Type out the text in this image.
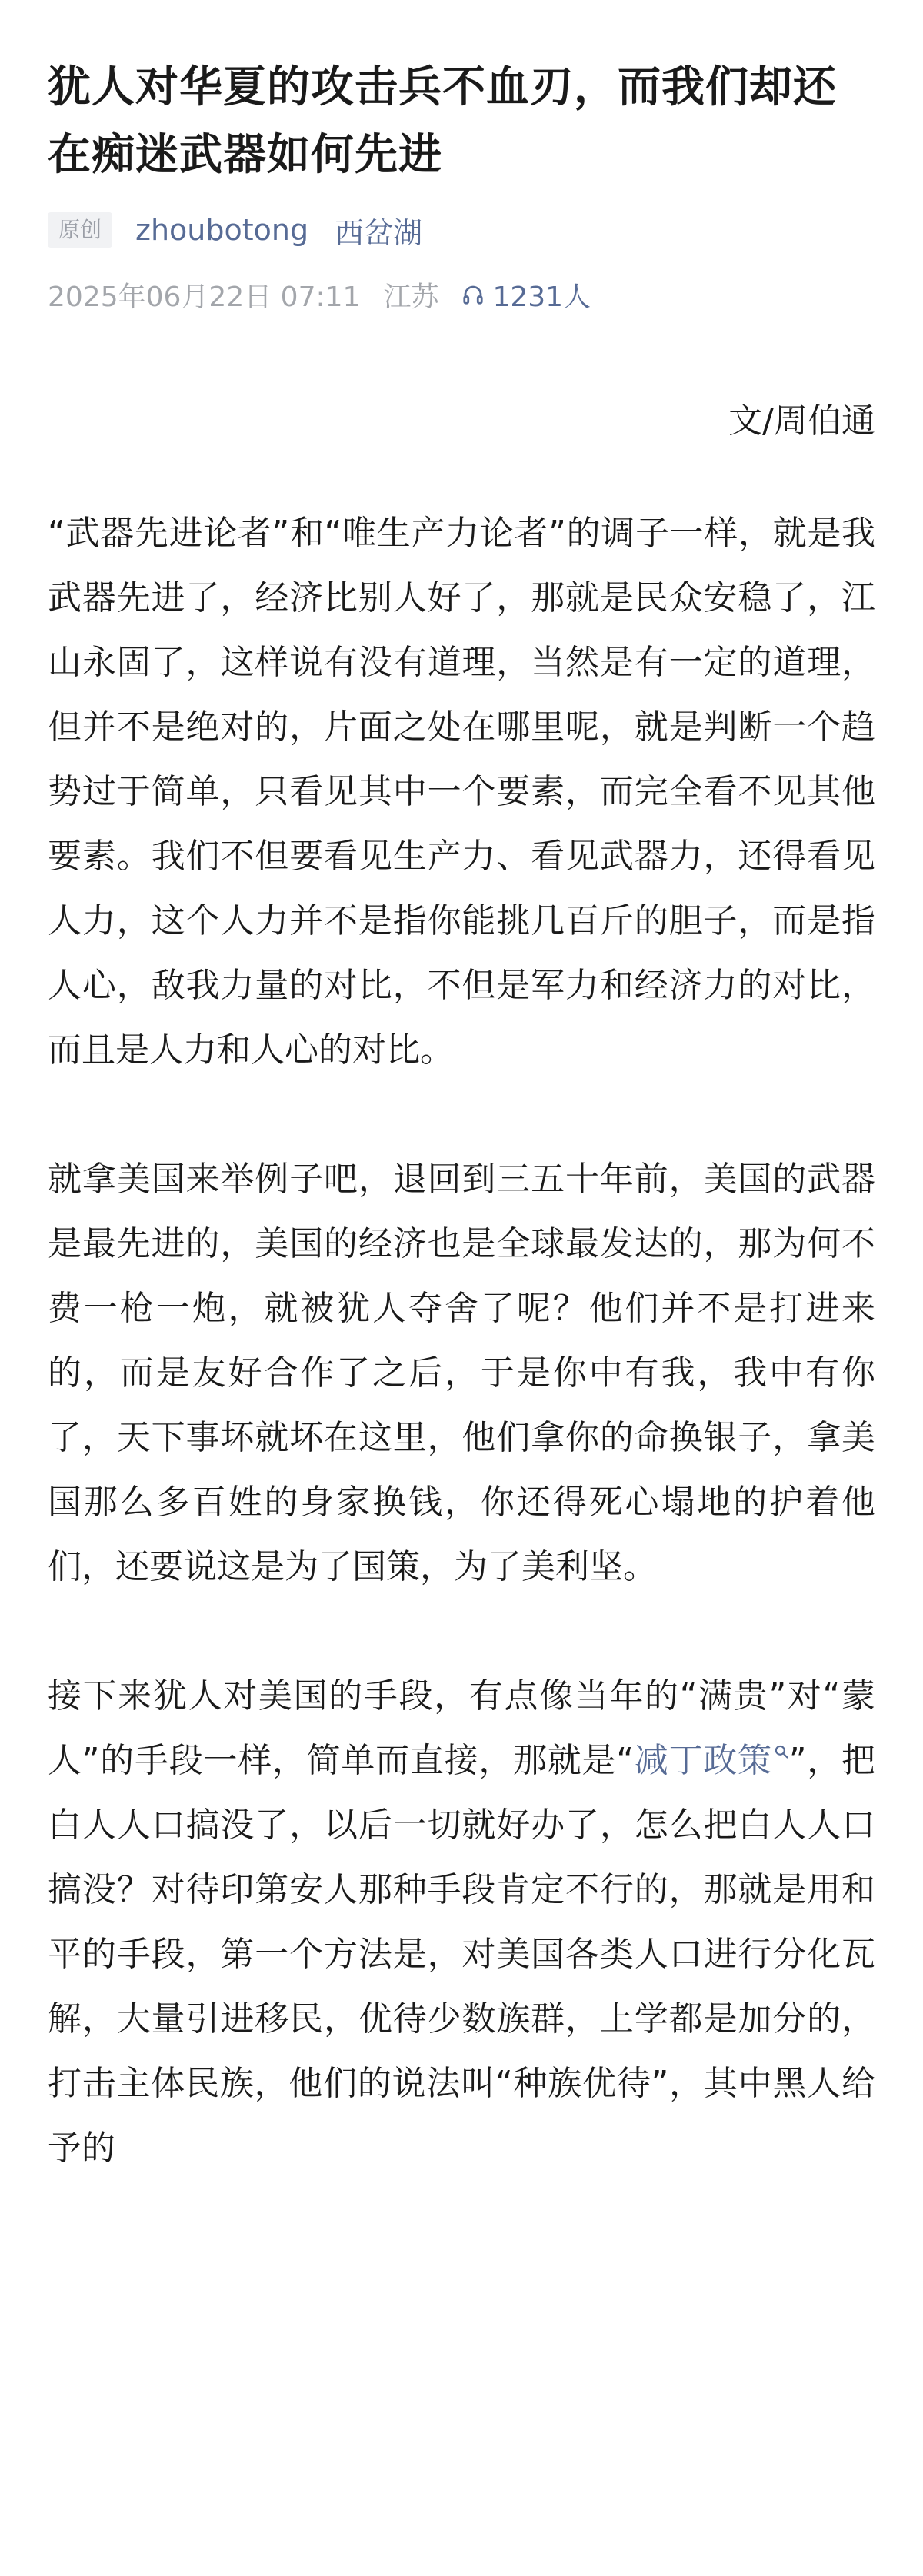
犹人对华夏的攻击兵不血刃，而我们却还在痴迷武器如何先进
原创	zhoubotong 西岔湖
2025年06月22日 07:11 江苏 1231人
文/周伯通

“武器先进论者”和“唯生产力论者”的调子一样，就是我武器先进了，经济比别人好了，那就是民众安稳了，江山永固了，这样说有没有道理，当然是有一定的道理，但并不是绝对的，片面之处在哪里呢，就是判断一个趋势过于简单，只看见其中一个要素，而完全看不见其他要素。我们不但要看见生产力、看见武器力，还得看见人力，这个人力并不是指你能挑几百斤的胆子，而是指人心，敌我力量的对比，不但是军力和经济力的对比，而且是人力和人心的对比。

就拿美国来举例子吧，退回到三五十年前，美国的武器是最先进的，美国的经济也是全球最发达的，那为何不费一枪一炮，就被犹人夺舍了呢？他们并不是打进来的，而是友好合作了之后，于是你中有我，我中有你了，天下事坏就坏在这里，他们拿你的命换银子，拿美国那么多百姓的身家换钱，你还得死心塌地的护着他们，还要说这是为了国策，为了美利坚。

接下来犹人对美国的手段，有点像当年的“满贵”对“蒙人”的手段一样，简单而直接，那就是“减丁政策 ”，把白人人口搞没了，以后一切就好办了，怎么把白人人口搞没？对待印第安人那种手段肯定不行的，那就是用和平的手段，第一个方法是，对美国各类人口进行分化瓦解，大量引进移民，优待少数族群，上学都是加分的，打击主体民族，他们的说法叫“种族优待”，其中黑人给予的
